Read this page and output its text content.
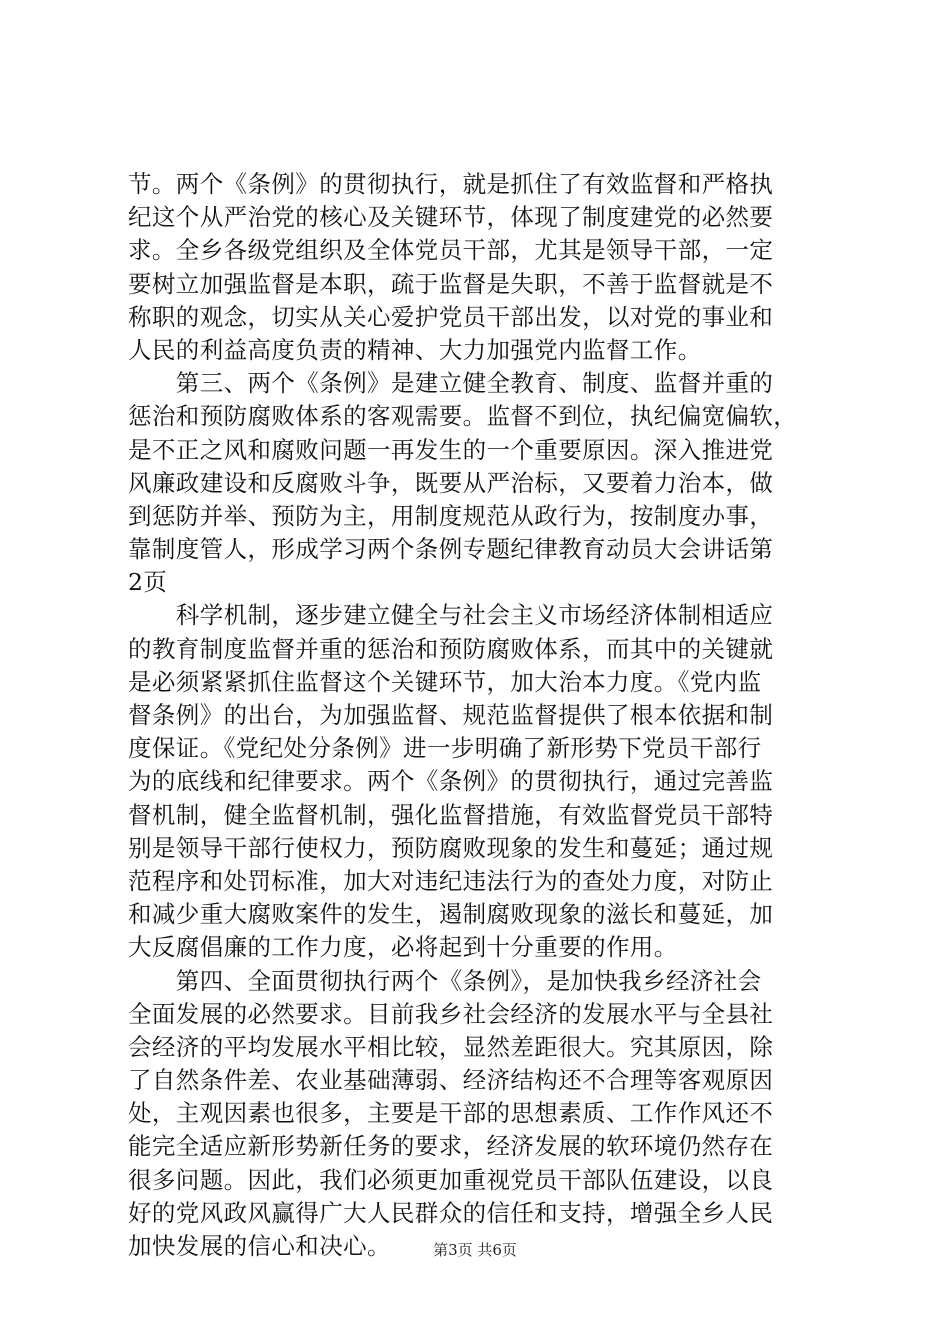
节。两个《条例》的贯彻执行，就是抓住了有效监督和严格执
纪这个从严治党的核心及关键环节，体现了制度建党的必然要
求。全乡各级党组织及全体党员干部，尤其是领导干部，一定
要树立加强监督是本职，疏于监督是失职，不善于监督就是不
称职的观念，切实从关心爱护党员干部出发，以对党的事业和
人民的利益高度负责的精神、大力加强党内监督工作。
　　第三、两个《条例》是建立健全教育、制度、监督并重的
惩治和预防腐败体系的客观需要。监督不到位，执纪偏宽偏软，
是不正之风和腐败问题一再发生的一个重要原因。深入推进党
风廉政建设和反腐败斗争，既要从严治标，又要着力治本，做
到惩防并举、预防为主，用制度规范从政行为，按制度办事，
靠制度管人，形成学习两个条例专题纪律教育动员大会讲话第
2页
　　科学机制，逐步建立健全与社会主义市场经济体制相适应
的教育制度监督并重的惩治和预防腐败体系，而其中的关键就
是必须紧紧抓住监督这个关键环节，加大治本力度。《党内监
督条例》的出台，为加强监督、规范监督提供了根本依据和制
度保证。《党纪处分条例》进一步明确了新形势下党员干部行
为的底线和纪律要求。两个《条例》的贯彻执行，通过完善监
督机制，健全监督机制，强化监督措施，有效监督党员干部特
别是领导干部行使权力，预防腐败现象的发生和蔓延；通过规
范程序和处罚标准，加大对违纪违法行为的查处力度，对防止
和减少重大腐败案件的发生，遏制腐败现象的滋长和蔓延，加
大反腐倡廉的工作力度，必将起到十分重要的作用。
　　第四、全面贯彻执行两个《条例》，是加快我乡经济社会
全面发展的必然要求。目前我乡社会经济的发展水平与全县社
会经济的平均发展水平相比较，显然差距很大。究其原因，除
了自然条件差、农业基础薄弱、经济结构还不合理等客观原因
处，主观因素也很多，主要是干部的思想素质、工作作风还不
能完全适应新形势新任务的要求，经济发展的软环境仍然存在
很多问题。因此，我们必须更加重视党员干部队伍建设，以良
好的党风政风赢得广大人民群众的信任和支持，增强全乡人民
加快发展的信心和决心。	第3页 共6页
